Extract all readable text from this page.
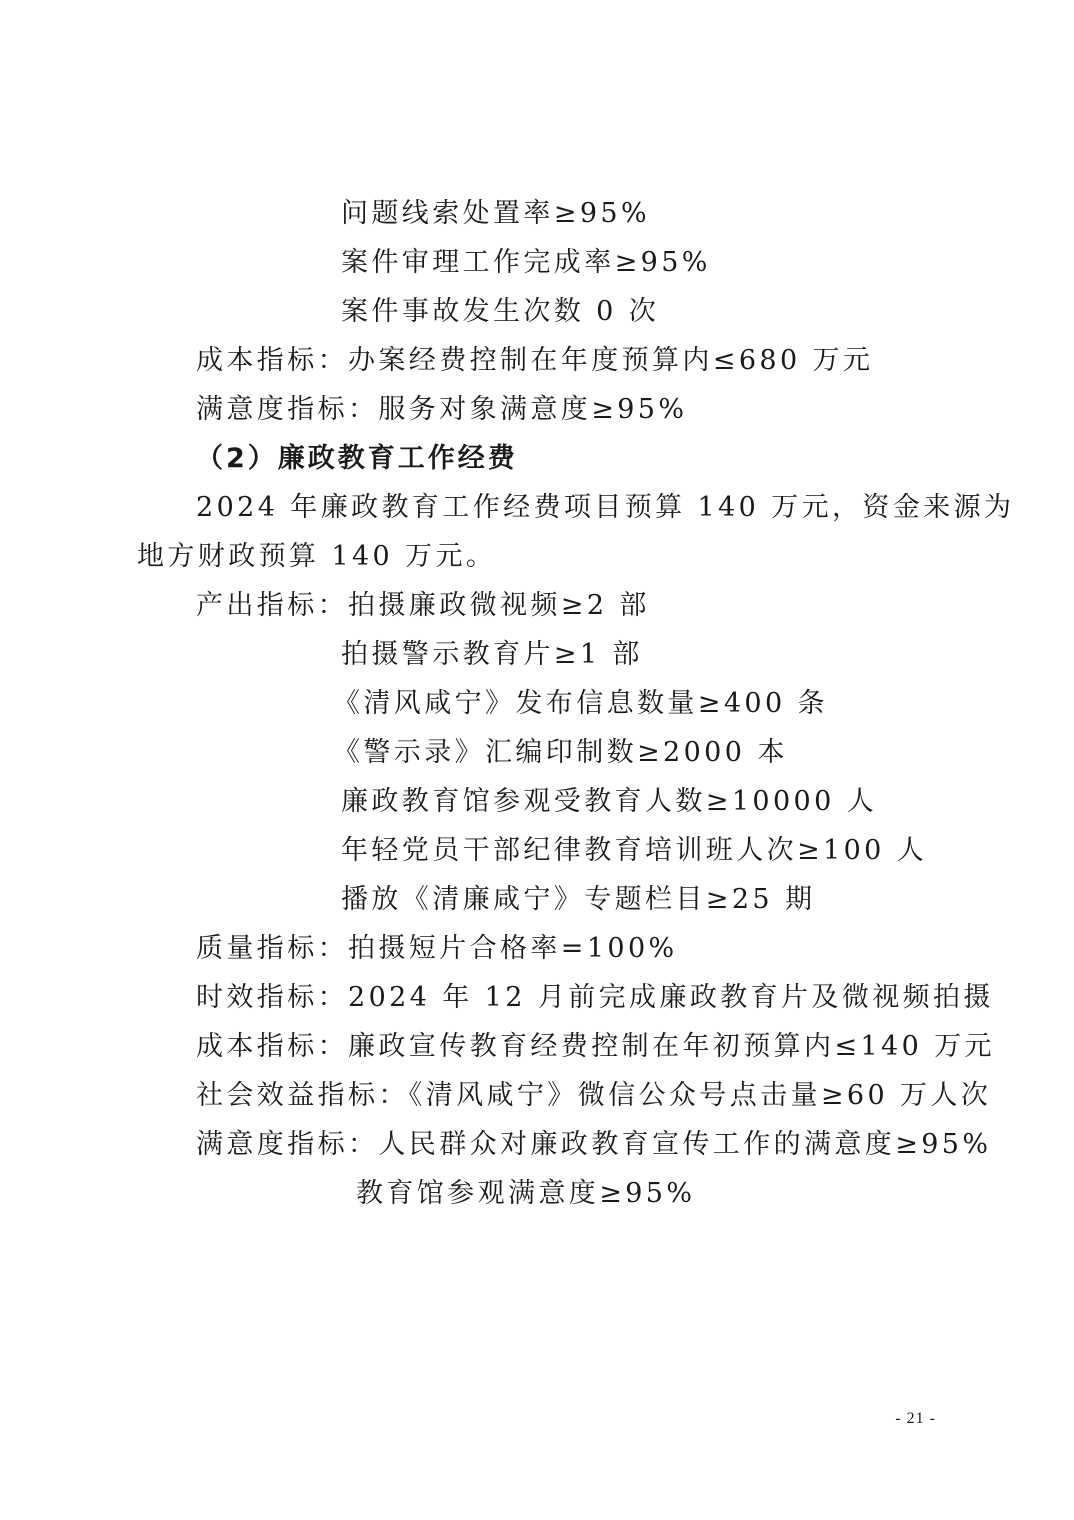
问题线索处置率≥95%
案件审理工作完成率≥95%
案件事故发生次数 0 次
成本指标：办案经费控制在年度预算内≤680 万元
满意度指标：服务对象满意度≥95%
（2）廉政教育工作经费
2024 年廉政教育工作经费项目预算 140 万元，资金来源为
地方财政预算 140 万元。
产出指标：拍摄廉政微视频≥2 部
拍摄警示教育片≥1 部
《清风咸宁》发布信息数量≥400 条
《警示录》汇编印制数≥2000 本
廉政教育馆参观受教育人数≥10000 人
年轻党员干部纪律教育培训班人次≥100 人
播放《清廉咸宁》专题栏目≥25 期
质量指标：拍摄短片合格率=100%
时效指标：2024 年 12 月前完成廉政教育片及微视频拍摄
成本指标：廉政宣传教育经费控制在年初预算内≤140 万元
社会效益指标：《清风咸宁》微信公众号点击量≥60 万人次
满意度指标：人民群众对廉政教育宣传工作的满意度≥95%
教育馆参观满意度≥95%
- 21 -
